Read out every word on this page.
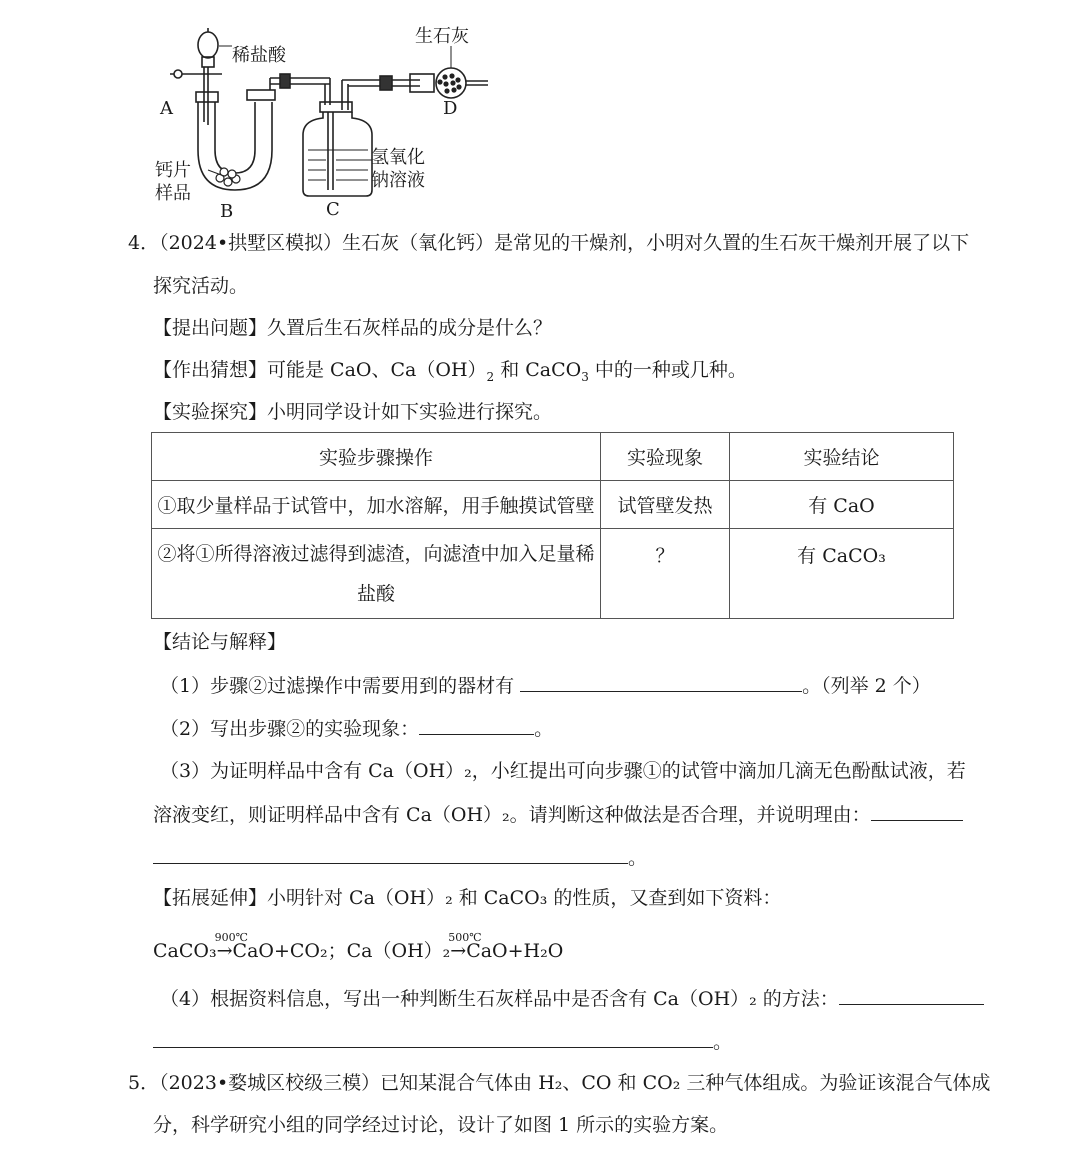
稀盐酸
生石灰
A	D
钙片
样品
氢氧化
钠溶液
B	C
4．（2024•拱墅区模拟）生石灰（氧化钙）是常见的干燥剂，小明对久置的生石灰干燥剂开展了以下
探究活动。
【提出问题】久置后生石灰样品的成分是什么？
【作出猜想】可能是 CaO、$Ca(OH)_2$ 和 CaCO$_3$ 中的一种或几种。
【实验探究】小明同学设计如下实验进行探究。
实验步骤操作	实验现象	实验结论
①取少量样品于试管中，加水溶解，用手触摸试管壁	试管壁发热	有 CaO

②将①所得溶液过滤得到滤渣，向滤渣中加入足量稀
盐酸	？	有 CaCO₃
【结论与解释】
（1）步骤②过滤操作中需要用到的器材有	。（列举 2 个）
（2）写出步骤②的实验现象：	。
（3）为证明样品中含有 Ca（OH）₂，小红提出可向步骤①的试管中滴加几滴无色酚酞试液，若
溶液变红，则证明样品中含有 Ca（OH）₂。请判断这种做法是否合理，并说明理由：
。
【拓展延伸】小明针对 Ca（OH）₂ 和 CaCO₃ 的性质，又查到如下资料：
CaCO₃
900℃
→CaO+CO₂；Ca（OH）₂
500℃
→CaO+H₂O
（4）根据资料信息，写出一种判断生石灰样品中是否含有 Ca（OH）₂ 的方法：
。
5．（2023•婺城区校级三模）已知某混合气体由 H₂、CO 和 CO₂ 三种气体组成。为验证该混合气体成
分，科学研究小组的同学经过讨论，设计了如图 1 所示的实验方案。
